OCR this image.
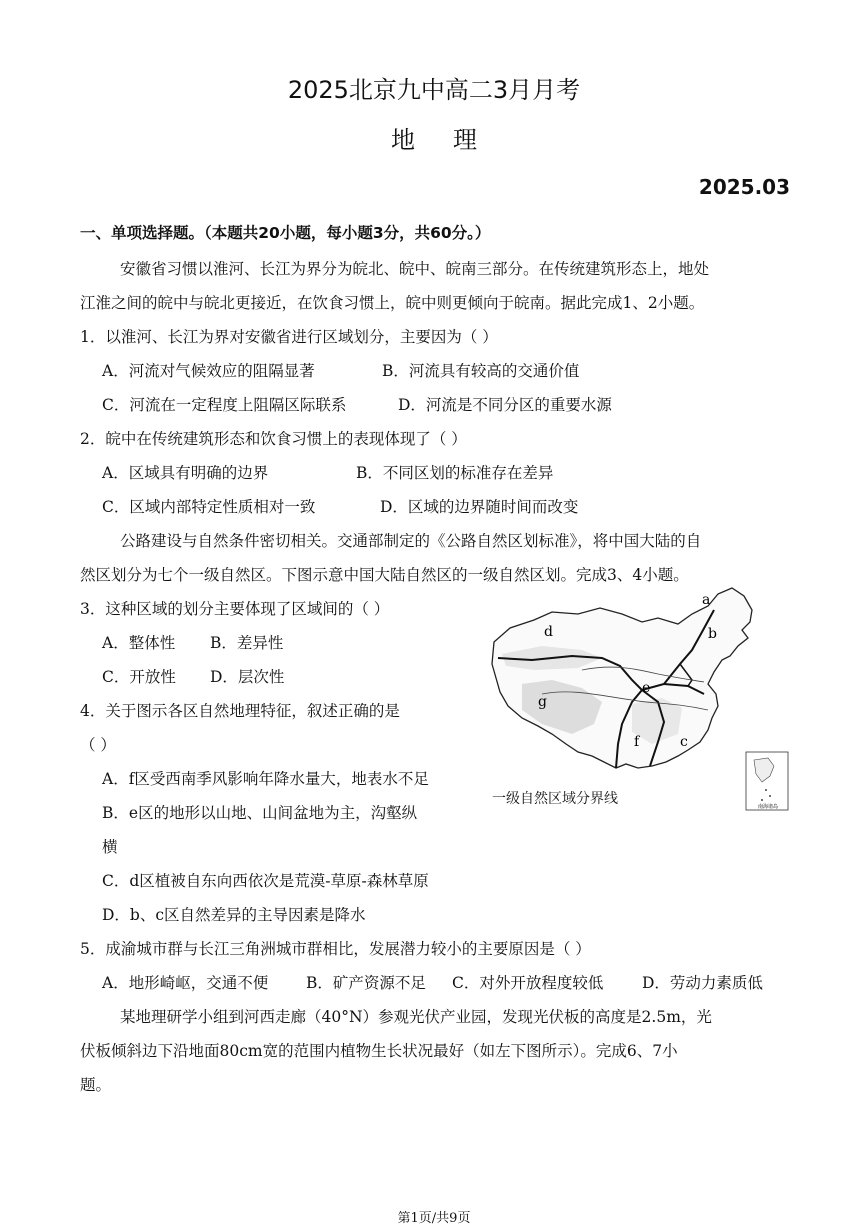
2025北京九中高二3月月考
地理
2025.03
一、单项选择题。（本题共20小题，每小题3分，共60分。）
安徽省习惯以淮河、长江为界分为皖北、皖中、皖南三部分。在传统建筑形态上，地处
江淮之间的皖中与皖北更接近，在饮食习惯上，皖中则更倾向于皖南。据此完成1、2小题。
1．以淮河、长江为界对安徽省进行区域划分，主要因为（ ）
A．河流对气候效应的阻隔显著	B．河流具有较高的交通价值
C．河流在一定程度上阻隔区际联系	D．河流是不同分区的重要水源
2．皖中在传统建筑形态和饮食习惯上的表现体现了（ ）
A．区域具有明确的边界	B．不同区划的标准存在差异
C．区域内部特定性质相对一致	D．区域的边界随时间而改变
公路建设与自然条件密切相关。交通部制定的《公路自然区划标准》，将中国大陆的自
然区划分为七个一级自然区。下图示意中国大陆自然区的一级自然区划。完成3、4小题。
3．这种区域的划分主要体现了区域间的（ ）
A．整体性 B．差异性
C．开放性 D．层次性
4．关于图示各区自然地理特征，叙述正确的是
（ ）
A．f区受西南季风影响年降水量大，地表水不足
B．e区的地形以山地、山间盆地为主，沟壑纵
横
C．d区植被自东向西依次是荒漠-草原-森林草原
D．b、c区自然差异的主导因素是降水
a
b
c
d
e
f
g
南海诸岛
一级自然区域分界线
5．成渝城市群与长江三角洲城市群相比，发展潜力较小的主要原因是（ ）
A．地形崎岖，交通不便 B．矿产资源不足 C．对外开放程度较低 D．劳动力素质低
某地理研学小组到河西走廊（40°N）参观光伏产业园，发现光伏板的高度是2.5m，光
伏板倾斜边下沿地面80cm宽的范围内植物生长状况最好（如左下图所示）。完成6、7小
题。
第1页/共9页
